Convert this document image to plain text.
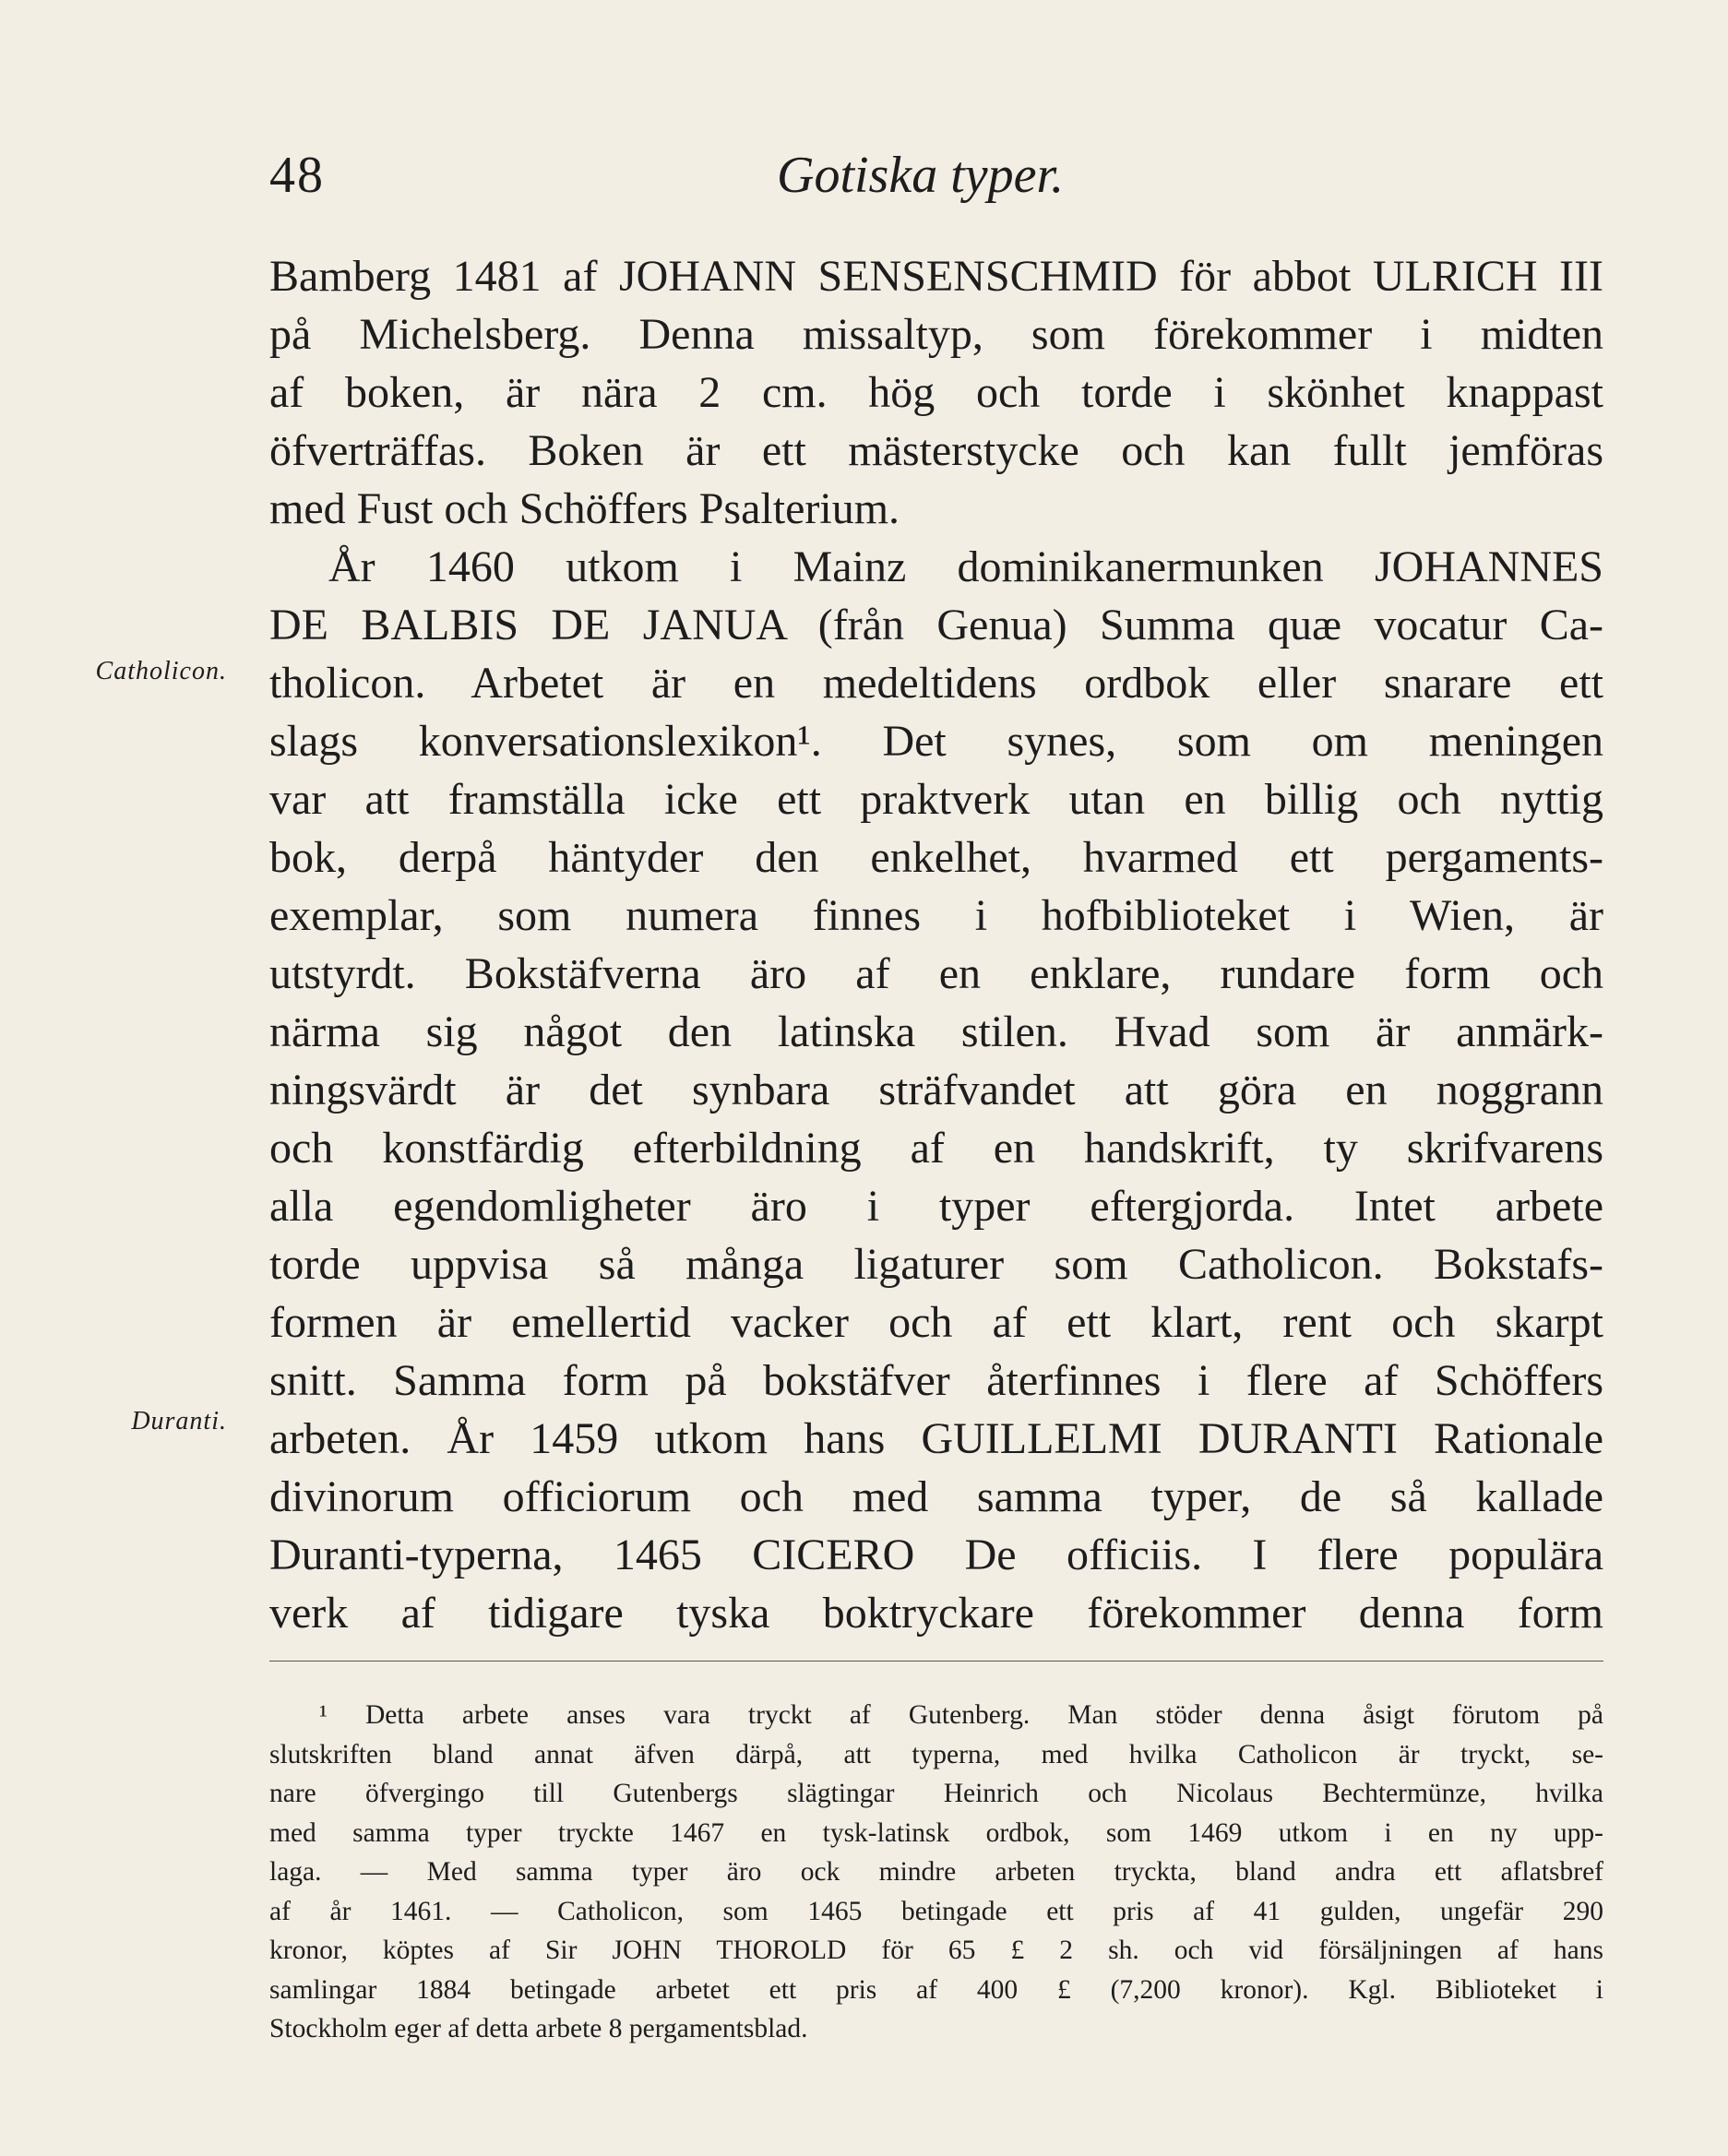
48	Gotiska typer.
Catholicon.
Duranti.
Bamberg 1481 af JOHANN SENSENSCHMID för abbot ULRICH III
på Michelsberg. Denna missaltyp, som förekommer i midten
af boken, är nära 2 cm. hög och torde i skönhet knappast
öfverträffas. Boken är ett mästerstycke och kan fullt jemföras
med Fust och Schöffers Psalterium.
År 1460 utkom i Mainz dominikanermunken JOHANNES
DE BALBIS DE JANUA (från Genua) Summa quæ vocatur Ca-
tholicon. Arbetet är en medeltidens ordbok eller snarare ett
slags konversationslexikon¹. Det synes, som om meningen
var att framställa icke ett praktverk utan en billig och nyttig
bok, derpå häntyder den enkelhet, hvarmed ett pergaments-
exemplar, som numera finnes i hofbiblioteket i Wien, är
utstyrdt. Bokstäfverna äro af en enklare, rundare form och
närma sig något den latinska stilen. Hvad som är anmärk-
ningsvärdt är det synbara sträfvandet att göra en noggrann
och konstfärdig efterbildning af en handskrift, ty skrifvarens
alla egendomligheter äro i typer eftergjorda. Intet arbete
torde uppvisa så många ligaturer som Catholicon. Bokstafs-
formen är emellertid vacker och af ett klart, rent och skarpt
snitt. Samma form på bokstäfver återfinnes i flere af Schöffers
arbeten. År 1459 utkom hans GUILLELMI DURANTI Rationale
divinorum officiorum och med samma typer, de så kallade
Duranti-typerna, 1465 CICERO De officiis. I flere populära
verk af tidigare tyska boktryckare förekommer denna form
¹ Detta arbete anses vara tryckt af Gutenberg. Man stöder denna åsigt förutom på
slutskriften bland annat äfven därpå, att typerna, med hvilka Catholicon är tryckt, se-
nare öfvergingo till Gutenbergs slägtingar Heinrich och Nicolaus Bechtermünze, hvilka
med samma typer tryckte 1467 en tysk-latinsk ordbok, som 1469 utkom i en ny upp-
laga. — Med samma typer äro ock mindre arbeten tryckta, bland andra ett aflatsbref
af år 1461. — Catholicon, som 1465 betingade ett pris af 41 gulden, ungefär 290
kronor, köptes af Sir JOHN THOROLD för 65 £ 2 sh. och vid försäljningen af hans
samlingar 1884 betingade arbetet ett pris af 400 £ (7,200 kronor). Kgl. Biblioteket i
Stockholm eger af detta arbete 8 pergamentsblad.
